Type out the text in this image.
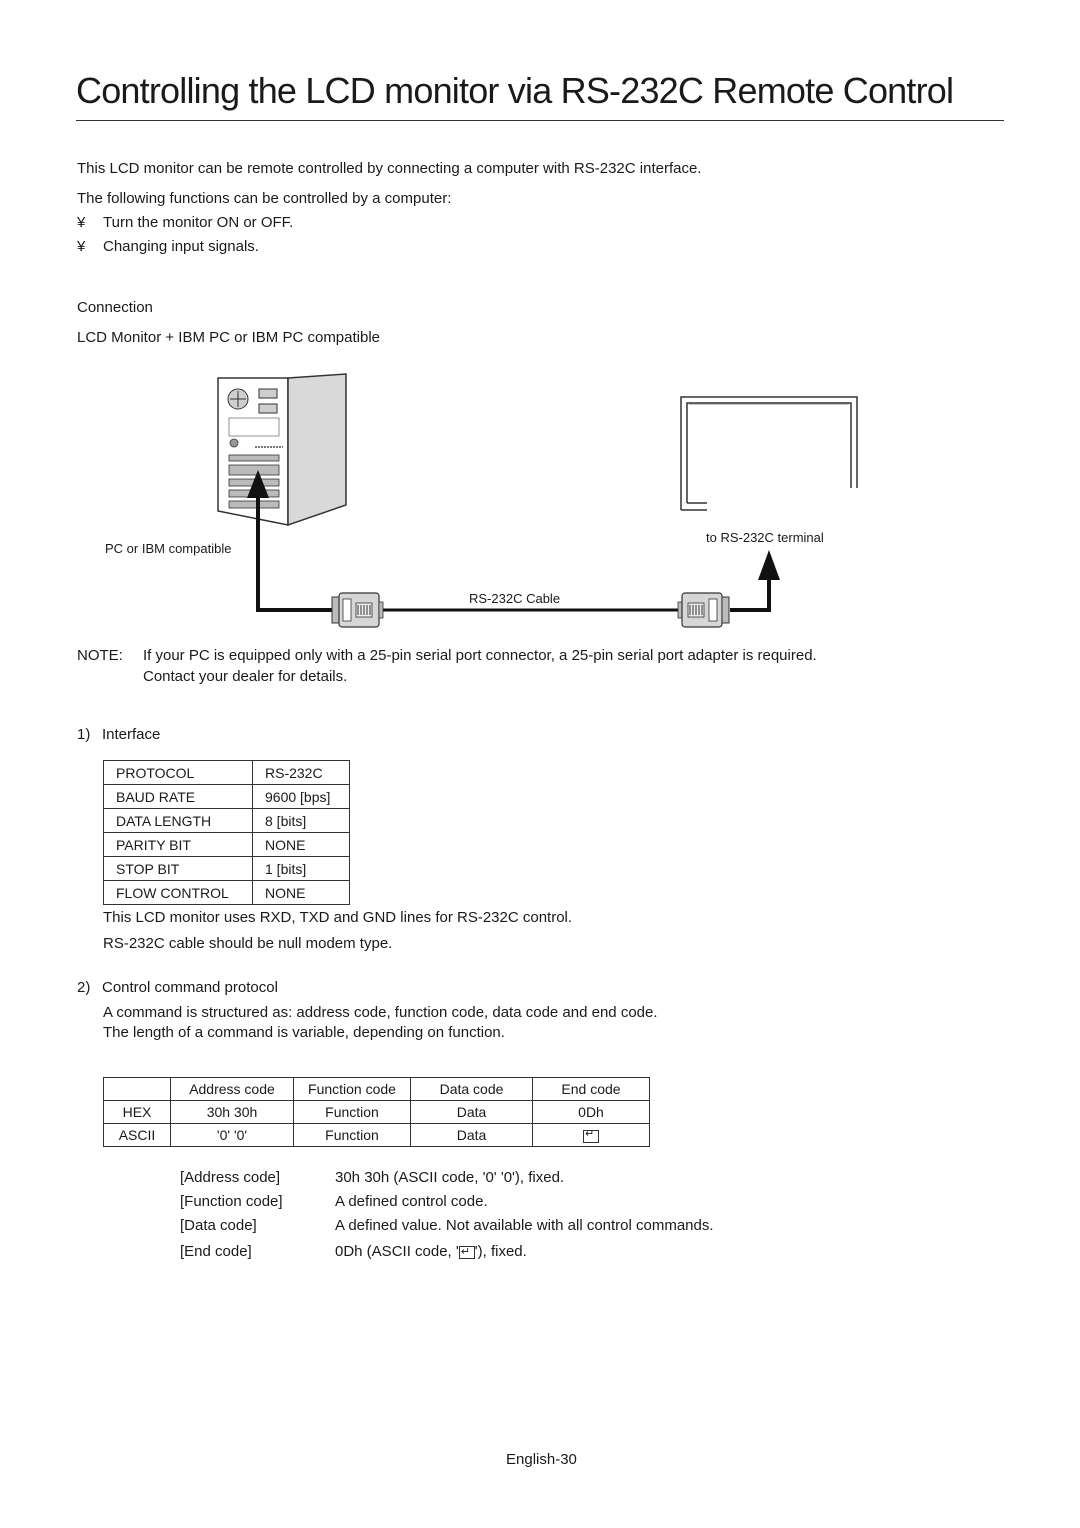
Controlling the LCD monitor via RS-232C Remote Control
This LCD monitor can be remote controlled by connecting a computer with RS-232C interface.
The following functions can be controlled by a computer:
¥ Turn the monitor ON or OFF.
¥ Changing input signals.
Connection
LCD Monitor + IBM PC or IBM PC compatible
PC or IBM compatible
to RS-232C terminal
RS-232C Cable
NOTE: If your PC is equipped only with a 25-pin serial port connector, a 25-pin serial port adapter is required.
Contact your dealer for details.
1) Interface
PROTOCOL	RS-232C
BAUD RATE	9600 [bps]
DATA LENGTH	8 [bits]
PARITY BIT	NONE
STOP BIT	1 [bits]
FLOW CONTROL	NONE
This LCD monitor uses RXD, TXD and GND lines for RS-232C control.
RS-232C cable should be null modem type.
2) Control command protocol
A command is structured as: address code, function code, data code and end code.
The length of a command is variable, depending on function.
	Address code	Function code	Data code	End code
HEX	30h 30h	Function	Data	0Dh
ASCII	'0' '0'	Function	Data	↵
[Address code]	30h 30h (ASCII code, '0' '0'), fixed.
[Function code]	A defined control code.
[Data code]	A defined value. Not available with all control commands.
[End code]	0Dh (ASCII code, ' ↵ '), fixed.
English-30
